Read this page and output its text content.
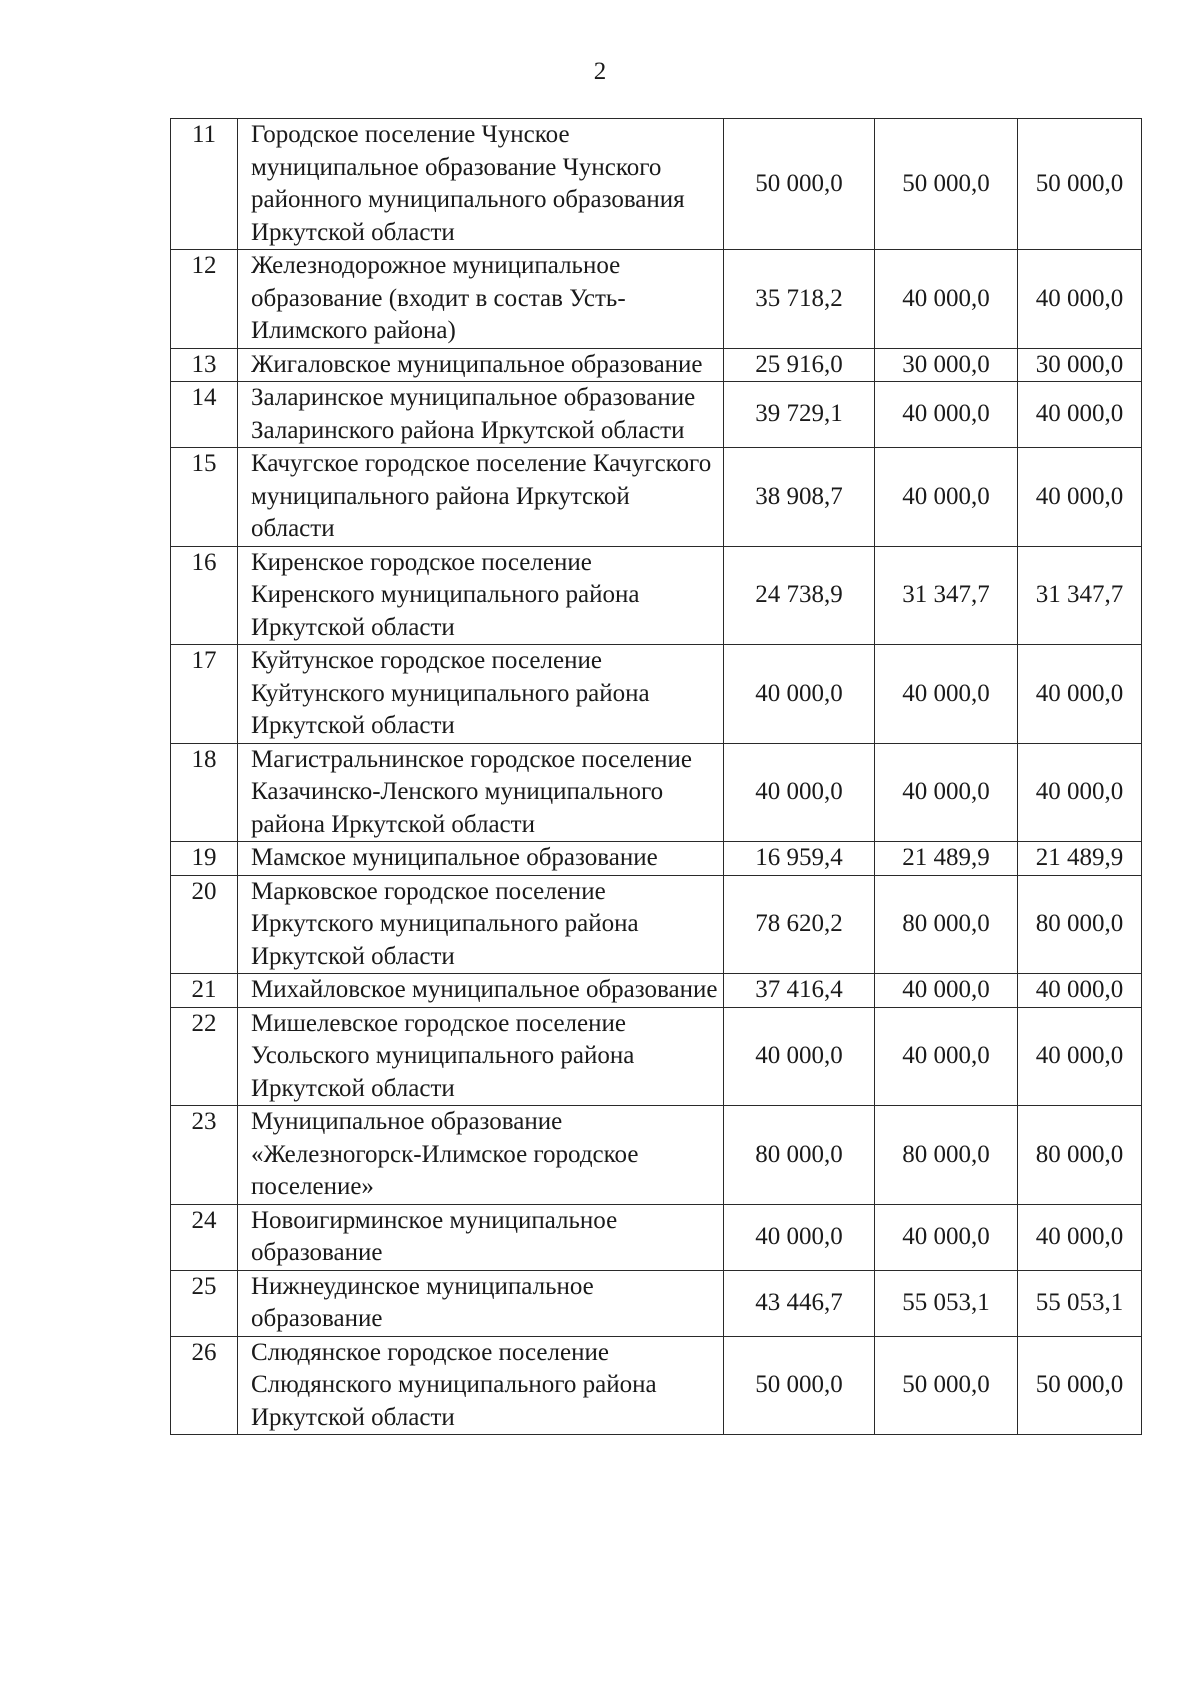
2
11	Городское поселение Чунское муниципальное образование Чунского районного муниципального образования Иркутской области	50 000,0	50 000,0	50 000,0
12	Железнодорожное муниципальное образование (входит в состав Усть-Илимского района)	35 718,2	40 000,0	40 000,0
13	Жигаловское муниципальное образование	25 916,0	30 000,0	30 000,0
14	Заларинское муниципальное образование Заларинского района Иркутской области	39 729,1	40 000,0	40 000,0
15	Качугское городское поселение Качугского муниципального района Иркутской области	38 908,7	40 000,0	40 000,0
16	Киренское городское поселение Киренского муниципального района Иркутской области	24 738,9	31 347,7	31 347,7
17	Куйтунское городское поселение Куйтунского муниципального района Иркутской области	40 000,0	40 000,0	40 000,0
18	Магистральнинское городское поселение Казачинско-Ленского муниципального района Иркутской области	40 000,0	40 000,0	40 000,0
19	Мамское муниципальное образование	16 959,4	21 489,9	21 489,9
20	Марковское городское поселение Иркутского муниципального района Иркутской области	78 620,2	80 000,0	80 000,0
21	Михайловское муниципальное образование	37 416,4	40 000,0	40 000,0
22	Мишелевское городское поселение Усольского муниципального района Иркутской области	40 000,0	40 000,0	40 000,0
23	Муниципальное образование «Железногорск-Илимское городское поселение»	80 000,0	80 000,0	80 000,0
24	Новоигирминское муниципальное образование	40 000,0	40 000,0	40 000,0
25	Нижнеудинское муниципальное образование	43 446,7	55 053,1	55 053,1
26	Слюдянское городское поселение Слюдянского муниципального района Иркутской области	50 000,0	50 000,0	50 000,0
